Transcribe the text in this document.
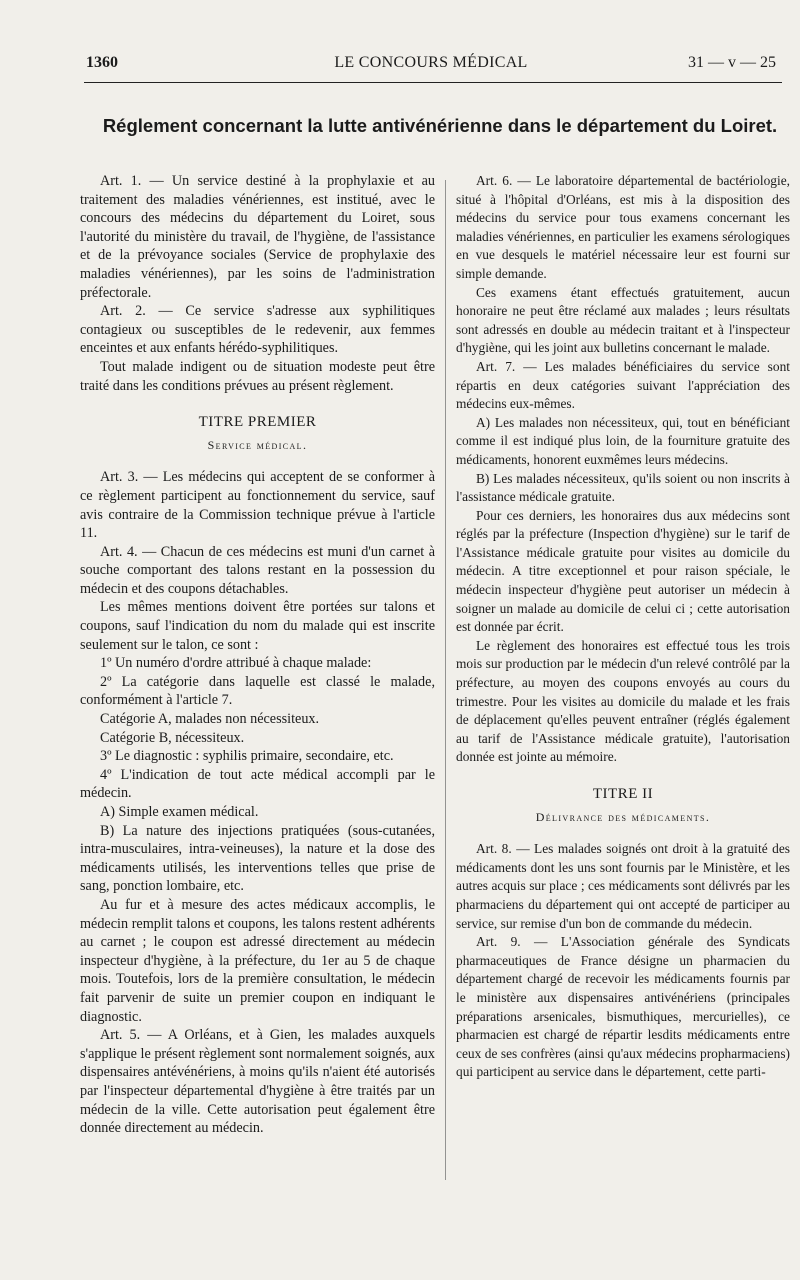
1360	LE CONCOURS MÉDICAL	31 — v — 25
Réglement concernant la lutte antivénérienne dans le département du Loiret.

Art. 1. — Un service destiné à la prophylaxie et au traitement des maladies vénériennes, est institué, avec le concours des médecins du département du Loiret, sous l'autorité du ministère du travail, de l'hygiène, de l'assistance et de la prévoyance sociales (Service de prophylaxie des maladies vénériennes), par les soins de l'administration préfectorale.

Art. 2. — Ce service s'adresse aux syphilitiques contagieux ou susceptibles de le redevenir, aux femmes enceintes et aux enfants hérédo-syphilitiques.

Tout malade indigent ou de situation modeste peut être traité dans les conditions prévues au présent règlement.

TITRE PREMIER

Service médical.

Art. 3. — Les médecins qui acceptent de se conformer à ce règlement participent au fonctionnement du service, sauf avis contraire de la Commission technique prévue à l'article 11.

Art. 4. — Chacun de ces médecins est muni d'un carnet à souche comportant des talons restant en la possession du médecin et des coupons détachables.

Les mêmes mentions doivent être portées sur talons et coupons, sauf l'indication du nom du malade qui est inscrite seulement sur le talon, ce sont :

1º Un numéro d'ordre attribué à chaque malade:

2º La catégorie dans laquelle est classé le malade, conformément à l'article 7.

Catégorie A, malades non nécessiteux.

Catégorie B, nécessiteux.

3º Le diagnostic : syphilis primaire, secondaire, etc.

4º L'indication de tout acte médical accompli par le médecin.

A) Simple examen médical.

B) La nature des injections pratiquées (sous-cutanées, intra-musculaires, intra-veineuses), la nature et la dose des médicaments utilisés, les interventions telles que prise de sang, ponction lombaire, etc.

Au fur et à mesure des actes médicaux accomplis, le médecin remplit talons et coupons, les talons restent adhérents au carnet ; le coupon est adressé directement au médecin inspecteur d'hygiène, à la préfecture, du 1er au 5 de chaque mois. Toutefois, lors de la première consultation, le médecin fait parvenir de suite un premier coupon en indiquant le diagnostic.

Art. 5. — A Orléans, et à Gien, les malades auxquels s'applique le présent règlement sont normalement soignés, aux dispensaires antévénériens, à moins qu'ils n'aient été autorisés par l'inspecteur départemental d'hygiène à être traités par un médecin de la ville. Cette autorisation peut également être donnée directement au médecin.

Art. 6. — Le laboratoire départemental de bactériologie, situé à l'hôpital d'Orléans, est mis à la disposition des médecins du service pour tous examens concernant les maladies vénériennes, en particulier les examens sérologiques en vue desquels le matériel nécessaire leur est fourni sur simple demande.

Ces examens étant effectués gratuitement, aucun honoraire ne peut être réclamé aux malades ; leurs résultats sont adressés en double au médecin traitant et à l'inspecteur d'hygiène, qui les joint aux bulletins concernant le malade.

Art. 7. — Les malades bénéficiaires du service sont répartis en deux catégories suivant l'appréciation des médecins eux-mêmes.

A) Les malades non nécessiteux, qui, tout en bénéficiant comme il est indiqué plus loin, de la fourniture gratuite des médicaments, honorent euxmêmes leurs médecins.

B) Les malades nécessiteux, qu'ils soient ou non inscrits à l'assistance médicale gratuite.

Pour ces derniers, les honoraires dus aux médecins sont réglés par la préfecture (Inspection d'hygiène) sur le tarif de l'Assistance médicale gratuite pour visites au domicile du médecin. A titre exceptionnel et pour raison spéciale, le médecin inspecteur d'hygiène peut autoriser un médecin à soigner un malade au domicile de celui ci ; cette autorisation est donnée par écrit.

Le règlement des honoraires est effectué tous les trois mois sur production par le médecin d'un relevé contrôlé par la préfecture, au moyen des coupons envoyés au cours du trimestre. Pour les visites au domicile du malade et les frais de déplacement qu'elles peuvent entraîner (réglés également au tarif de l'Assistance médicale gratuite), l'autorisation donnée est jointe au mémoire.

TITRE II

Délivrance des médicaments.

Art. 8. — Les malades soignés ont droit à la gratuité des médicaments dont les uns sont fournis par le Ministère, et les autres acquis sur place ; ces médicaments sont délivrés par les pharmaciens du département qui ont accepté de participer au service, sur remise d'un bon de commande du médecin.

Art. 9. — L'Association générale des Syndicats pharmaceutiques de France désigne un pharmacien du département chargé de recevoir les médicaments fournis par le ministère aux dispensaires antivénériens (principales préparations arsenicales, bismuthiques, mercurielles), ce pharmacien est chargé de répartir lesdits médicaments entre ceux de ses confrères (ainsi qu'aux médecins propharmaciens) qui participent au service dans le département, cette parti-
